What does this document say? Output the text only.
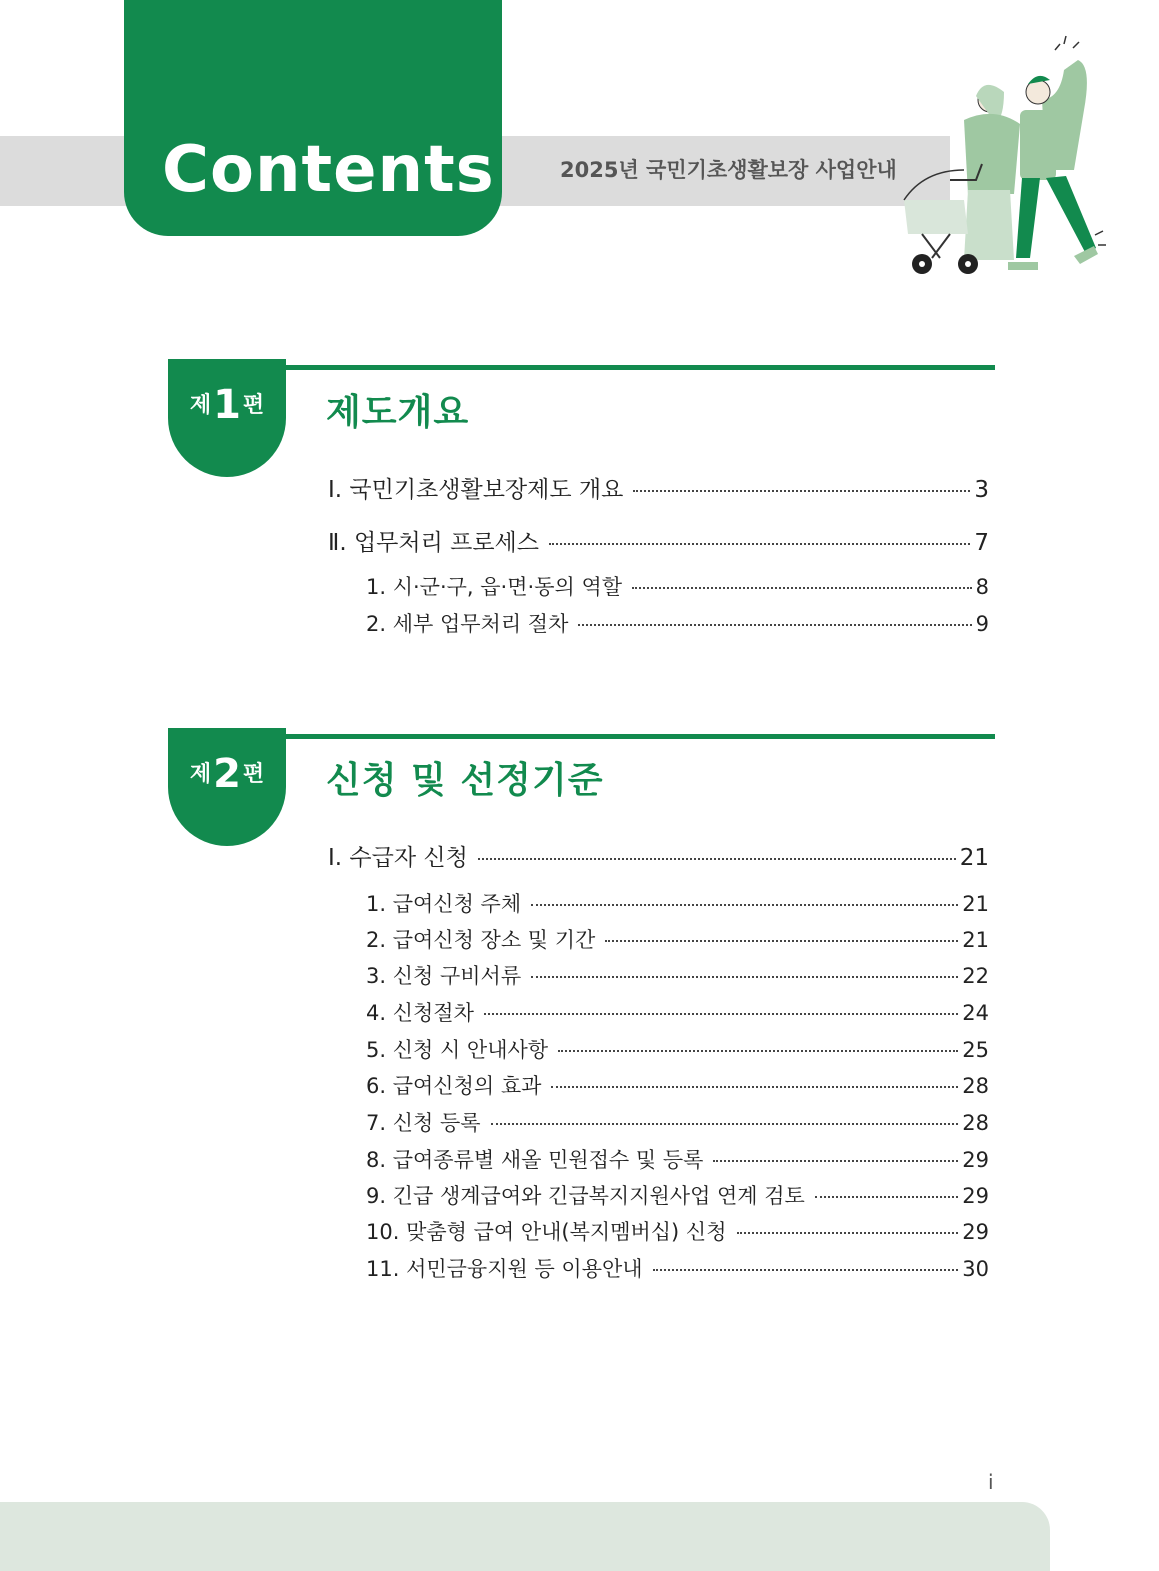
Contents	2025년 국민기초생활보장 사업안내
제1편	제도개요
Ⅰ. 국민기초생활보장제도 개요	3
Ⅱ. 업무처리 프로세스	7
1. 시·군·구, 읍·면·동의 역할	8
2. 세부 업무처리 절차	9
제2편	신청 및 선정기준
Ⅰ. 수급자 신청	21
1. 급여신청 주체	21
2. 급여신청 장소 및 기간	21
3. 신청 구비서류	22
4. 신청절차	24
5. 신청 시 안내사항	25
6. 급여신청의 효과	28
7. 신청 등록	28
8. 급여종류별 새올 민원접수 및 등록	29
9. 긴급 생계급여와 긴급복지지원사업 연계 검토	29
10. 맞춤형 급여 안내(복지멤버십) 신청	29
11. 서민금융지원 등 이용안내	30
i
